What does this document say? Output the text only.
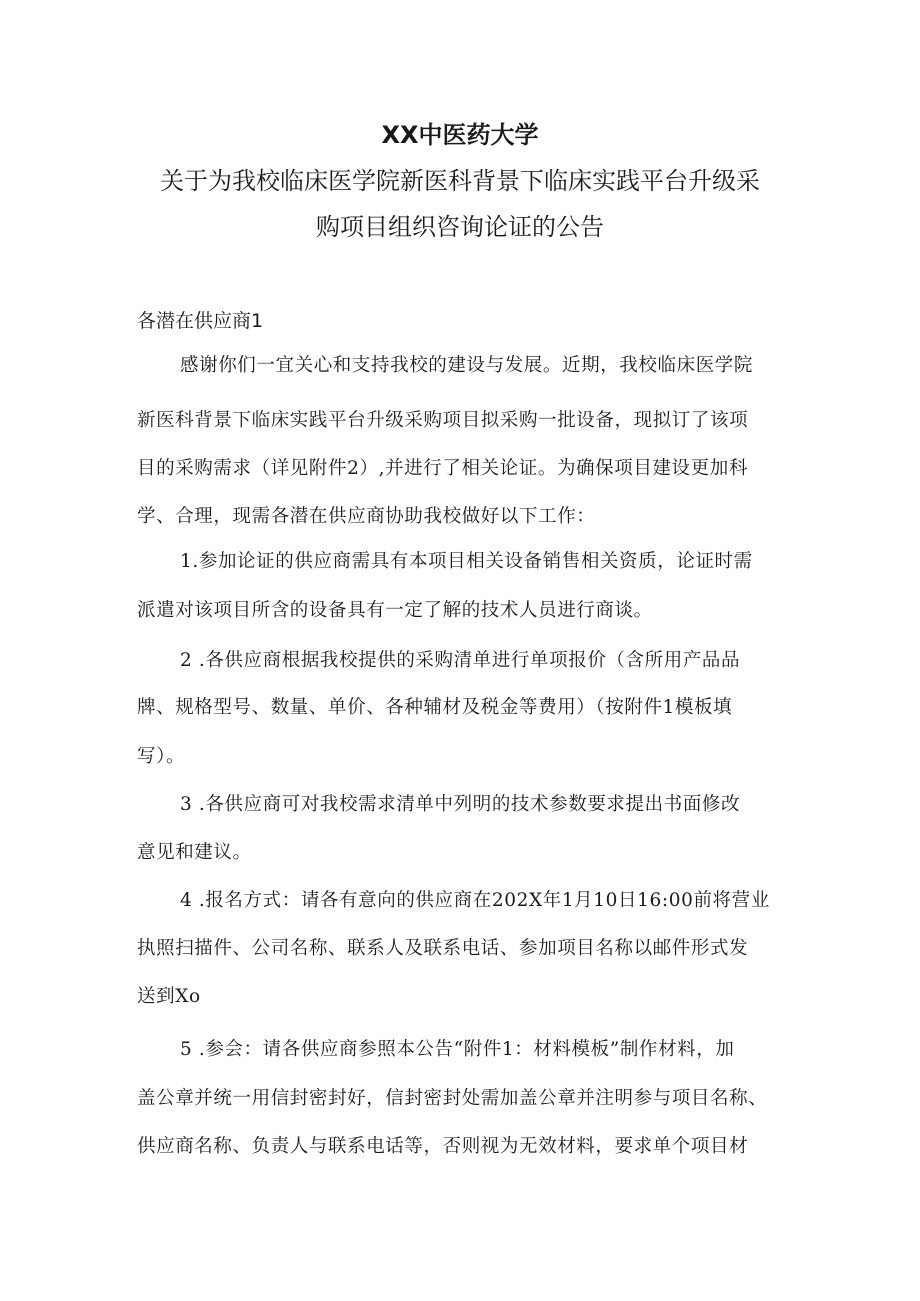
XX中医药大学
关于为我校临床医学院新医科背景下临床实践平台升级采
购项目组织咨询论证的公告
各潜在供应商1
感谢你们一宜关心和支持我校的建设与发展。近期，我校临床医学院
新医科背景下临床实践平台升级采购项目拟采购一批设备，现拟订了该项
目的采购需求（详见附件2）,并进行了相关论证。为确保项目建设更加科
学、合理，现需各潜在供应商协助我校做好以下工作：
1.参加论证的供应商需具有本项目相关设备销售相关资质，论证时需
派遣对该项目所含的设备具有一定了解的技术人员进行商谈。
2 .各供应商根据我校提供的采购清单进行单项报价（含所用产品品
牌、规格型号、数量、单价、各种辅材及税金等费用）（按附件1模板填
写）。
3 .各供应商可对我校需求清单中列明的技术参数要求提出书面修改
意见和建议。
4 .报名方式：请各有意向的供应商在202X年1月10日16:00前将营业
执照扫描件、公司名称、联系人及联系电话、参加项目名称以邮件形式发
送到Xo
5 .参会：请各供应商参照本公告“附件1：材料模板”制作材料，加
盖公章并统一用信封密封好，信封密封处需加盖公章并注明参与项目名称、
供应商名称、负责人与联系电话等，否则视为无效材料，要求单个项目材
